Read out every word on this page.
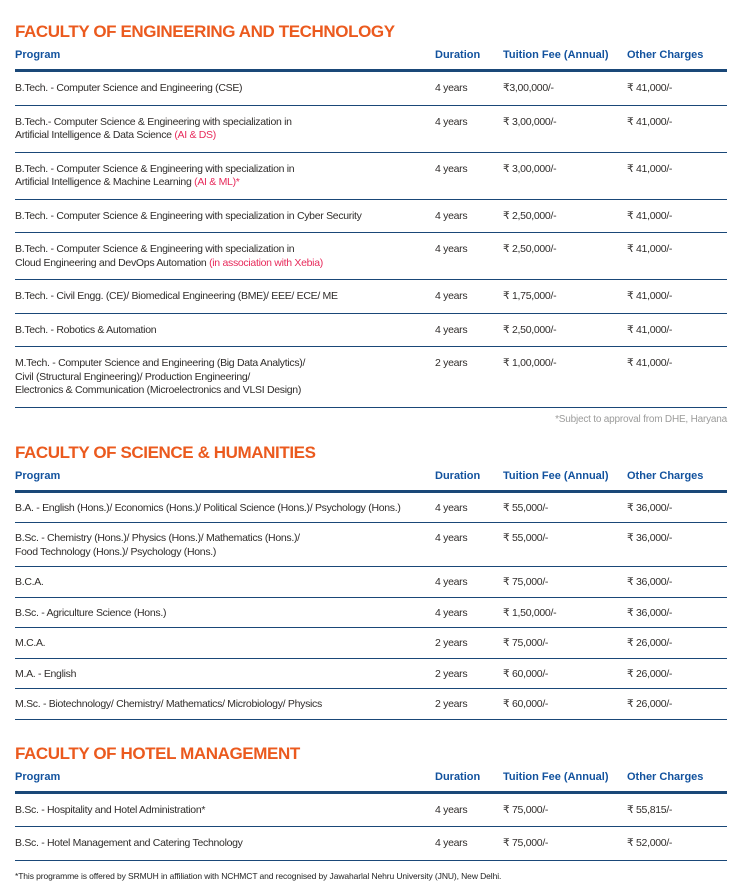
FACULTY OF ENGINEERING AND TECHNOLOGY
Program	Duration	Tuition Fee (Annual)	Other Charges
B.Tech. - Computer Science and Engineering (CSE)	4 years	₹3,00,000/-	₹ 41,000/-
B.Tech.- Computer Science & Engineering with specialization in
Artificial Intelligence & Data Science (AI & DS)
4 years	₹ 3,00,000/-	₹ 41,000/-
B.Tech. - Computer Science & Engineering with specialization in
Artificial Intelligence & Machine Learning (AI & ML)*
4 years	₹ 3,00,000/-	₹ 41,000/-
B.Tech. - Computer Science & Engineering with specialization in Cyber Security	4 years	₹ 2,50,000/-	₹ 41,000/-
B.Tech. - Computer Science & Engineering with specialization in
Cloud Engineering and DevOps Automation (in association with Xebia)
4 years	₹ 2,50,000/-	₹ 41,000/-
B.Tech. - Civil Engg. (CE)/ Biomedical Engineering (BME)/ EEE/ ECE/ ME	4 years	₹ 1,75,000/-	₹ 41,000/-
B.Tech. - Robotics & Automation	4 years	₹ 2,50,000/-	₹ 41,000/-
M.Tech. - Computer Science and Engineering (Big Data Analytics)/
Civil (Structural Engineering)/ Production Engineering/
Electronics & Communication (Microelectronics and VLSI Design)
2 years	₹ 1,00,000/-	₹ 41,000/-
*Subject to approval from DHE, Haryana
FACULTY OF SCIENCE & HUMANITIES
Program	Duration	Tuition Fee (Annual)	Other Charges
B.A. - English (Hons.)/ Economics (Hons.)/ Political Science (Hons.)/ Psychology (Hons.)	4 years	₹ 55,000/-	₹ 36,000/-
B.Sc. - Chemistry (Hons.)/ Physics (Hons.)/ Mathematics (Hons.)/
Food Technology (Hons.)/ Psychology (Hons.)
4 years	₹ 55,000/-	₹ 36,000/-
B.C.A.	4 years	₹ 75,000/-	₹ 36,000/-
B.Sc. - Agriculture Science (Hons.)	4 years	₹ 1,50,000/-	₹ 36,000/-
M.C.A.	2 years	₹ 75,000/-	₹ 26,000/-
M.A. - English	2 years	₹ 60,000/-	₹ 26,000/-
M.Sc. - Biotechnology/ Chemistry/ Mathematics/ Microbiology/ Physics	2 years	₹ 60,000/-	₹ 26,000/-
FACULTY OF HOTEL MANAGEMENT
Program	Duration	Tuition Fee (Annual)	Other Charges
B.Sc. - Hospitality and Hotel Administration*	4 years	₹ 75,000/-	₹ 55,815/-
B.Sc. - Hotel Management and Catering Technology	4 years	₹ 75,000/-	₹ 52,000/-
*This programme is offered by SRMUH in affiliation with NCHMCT and recognised by Jawaharlal Nehru University (JNU), New Delhi.
